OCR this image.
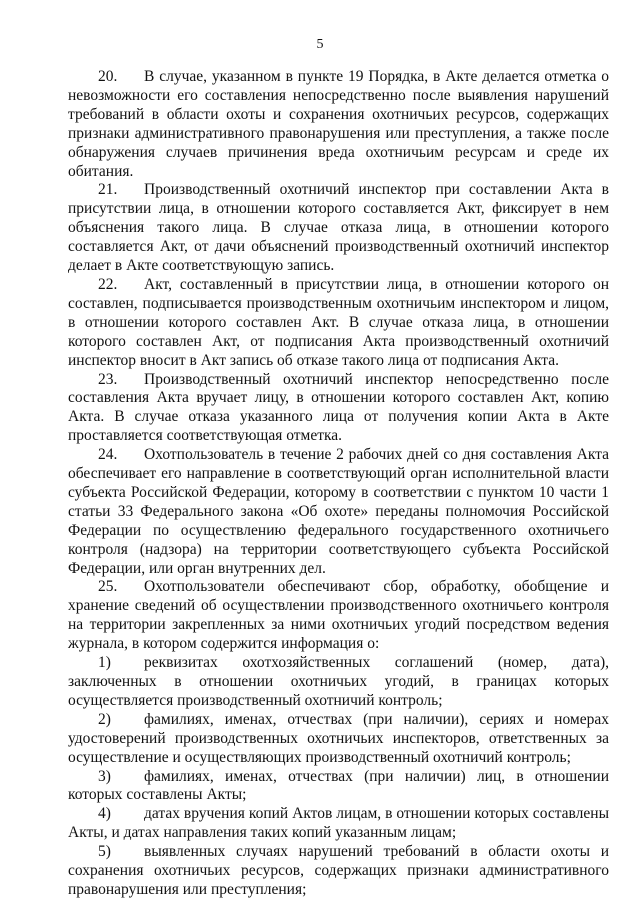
5

20. В случае, указанном в пункте 19 Порядка, в Акте делается отметка о невозможности его составления непосредственно после выявления нарушений требований в области охоты и сохранения охотничьих ресурсов, содержащих признаки административного правонарушения или преступления, а также после обнаружения случаев причинения вреда охотничьим ресурсам и среде их обитания.

21. Производственный охотничий инспектор при составлении Акта в присутствии лица, в отношении которого составляется Акт, фиксирует в нем объяснения такого лица. В случае отказа лица, в отношении которого составляется Акт, от дачи объяснений производственный охотничий инспектор делает в Акте соответствующую запись.

22. Акт, составленный в присутствии лица, в отношении которого он составлен, подписывается производственным охотничьим инспектором и лицом, в отношении которого составлен Акт. В случае отказа лица, в отношении которого составлен Акт, от подписания Акта производственный охотничий инспектор вносит в Акт запись об отказе такого лица от подписания Акта.

23. Производственный охотничий инспектор непосредственно после составления Акта вручает лицу, в отношении которого составлен Акт, копию Акта. В случае отказа указанного лица от получения копии Акта в Акте проставляется соответствующая отметка.

24. Охотпользователь в течение 2 рабочих дней со дня составления Акта обеспечивает его направление в соответствующий орган исполнительной власти субъекта Российской Федерации, которому в соответствии с пунктом 10 части 1 статьи 33 Федерального закона «Об охоте» переданы полномочия Российской Федерации по осуществлению федерального государственного охотничьего контроля (надзора) на территории соответствующего субъекта Российской Федерации, или орган внутренних дел.

25. Охотпользователи обеспечивают сбор, обработку, обобщение и хранение сведений об осуществлении производственного охотничьего контроля на территории закрепленных за ними охотничьих угодий посредством ведения журнала, в котором содержится информация о:

1) реквизитах охотхозяйственных соглашений (номер, дата), заключенных в отношении охотничьих угодий, в границах которых осуществляется производственный охотничий контроль;

2) фамилиях, именах, отчествах (при наличии), сериях и номерах удостоверений производственных охотничьих инспекторов, ответственных за осуществление и осуществляющих производственный охотничий контроль;

3) фамилиях, именах, отчествах (при наличии) лиц, в отношении которых составлены Акты;

4) датах вручения копий Актов лицам, в отношении которых составлены Акты, и датах направления таких копий указанным лицам;

5) выявленных случаях нарушений требований в области охоты и сохранения охотничьих ресурсов, содержащих признаки административного правонарушения или преступления;
